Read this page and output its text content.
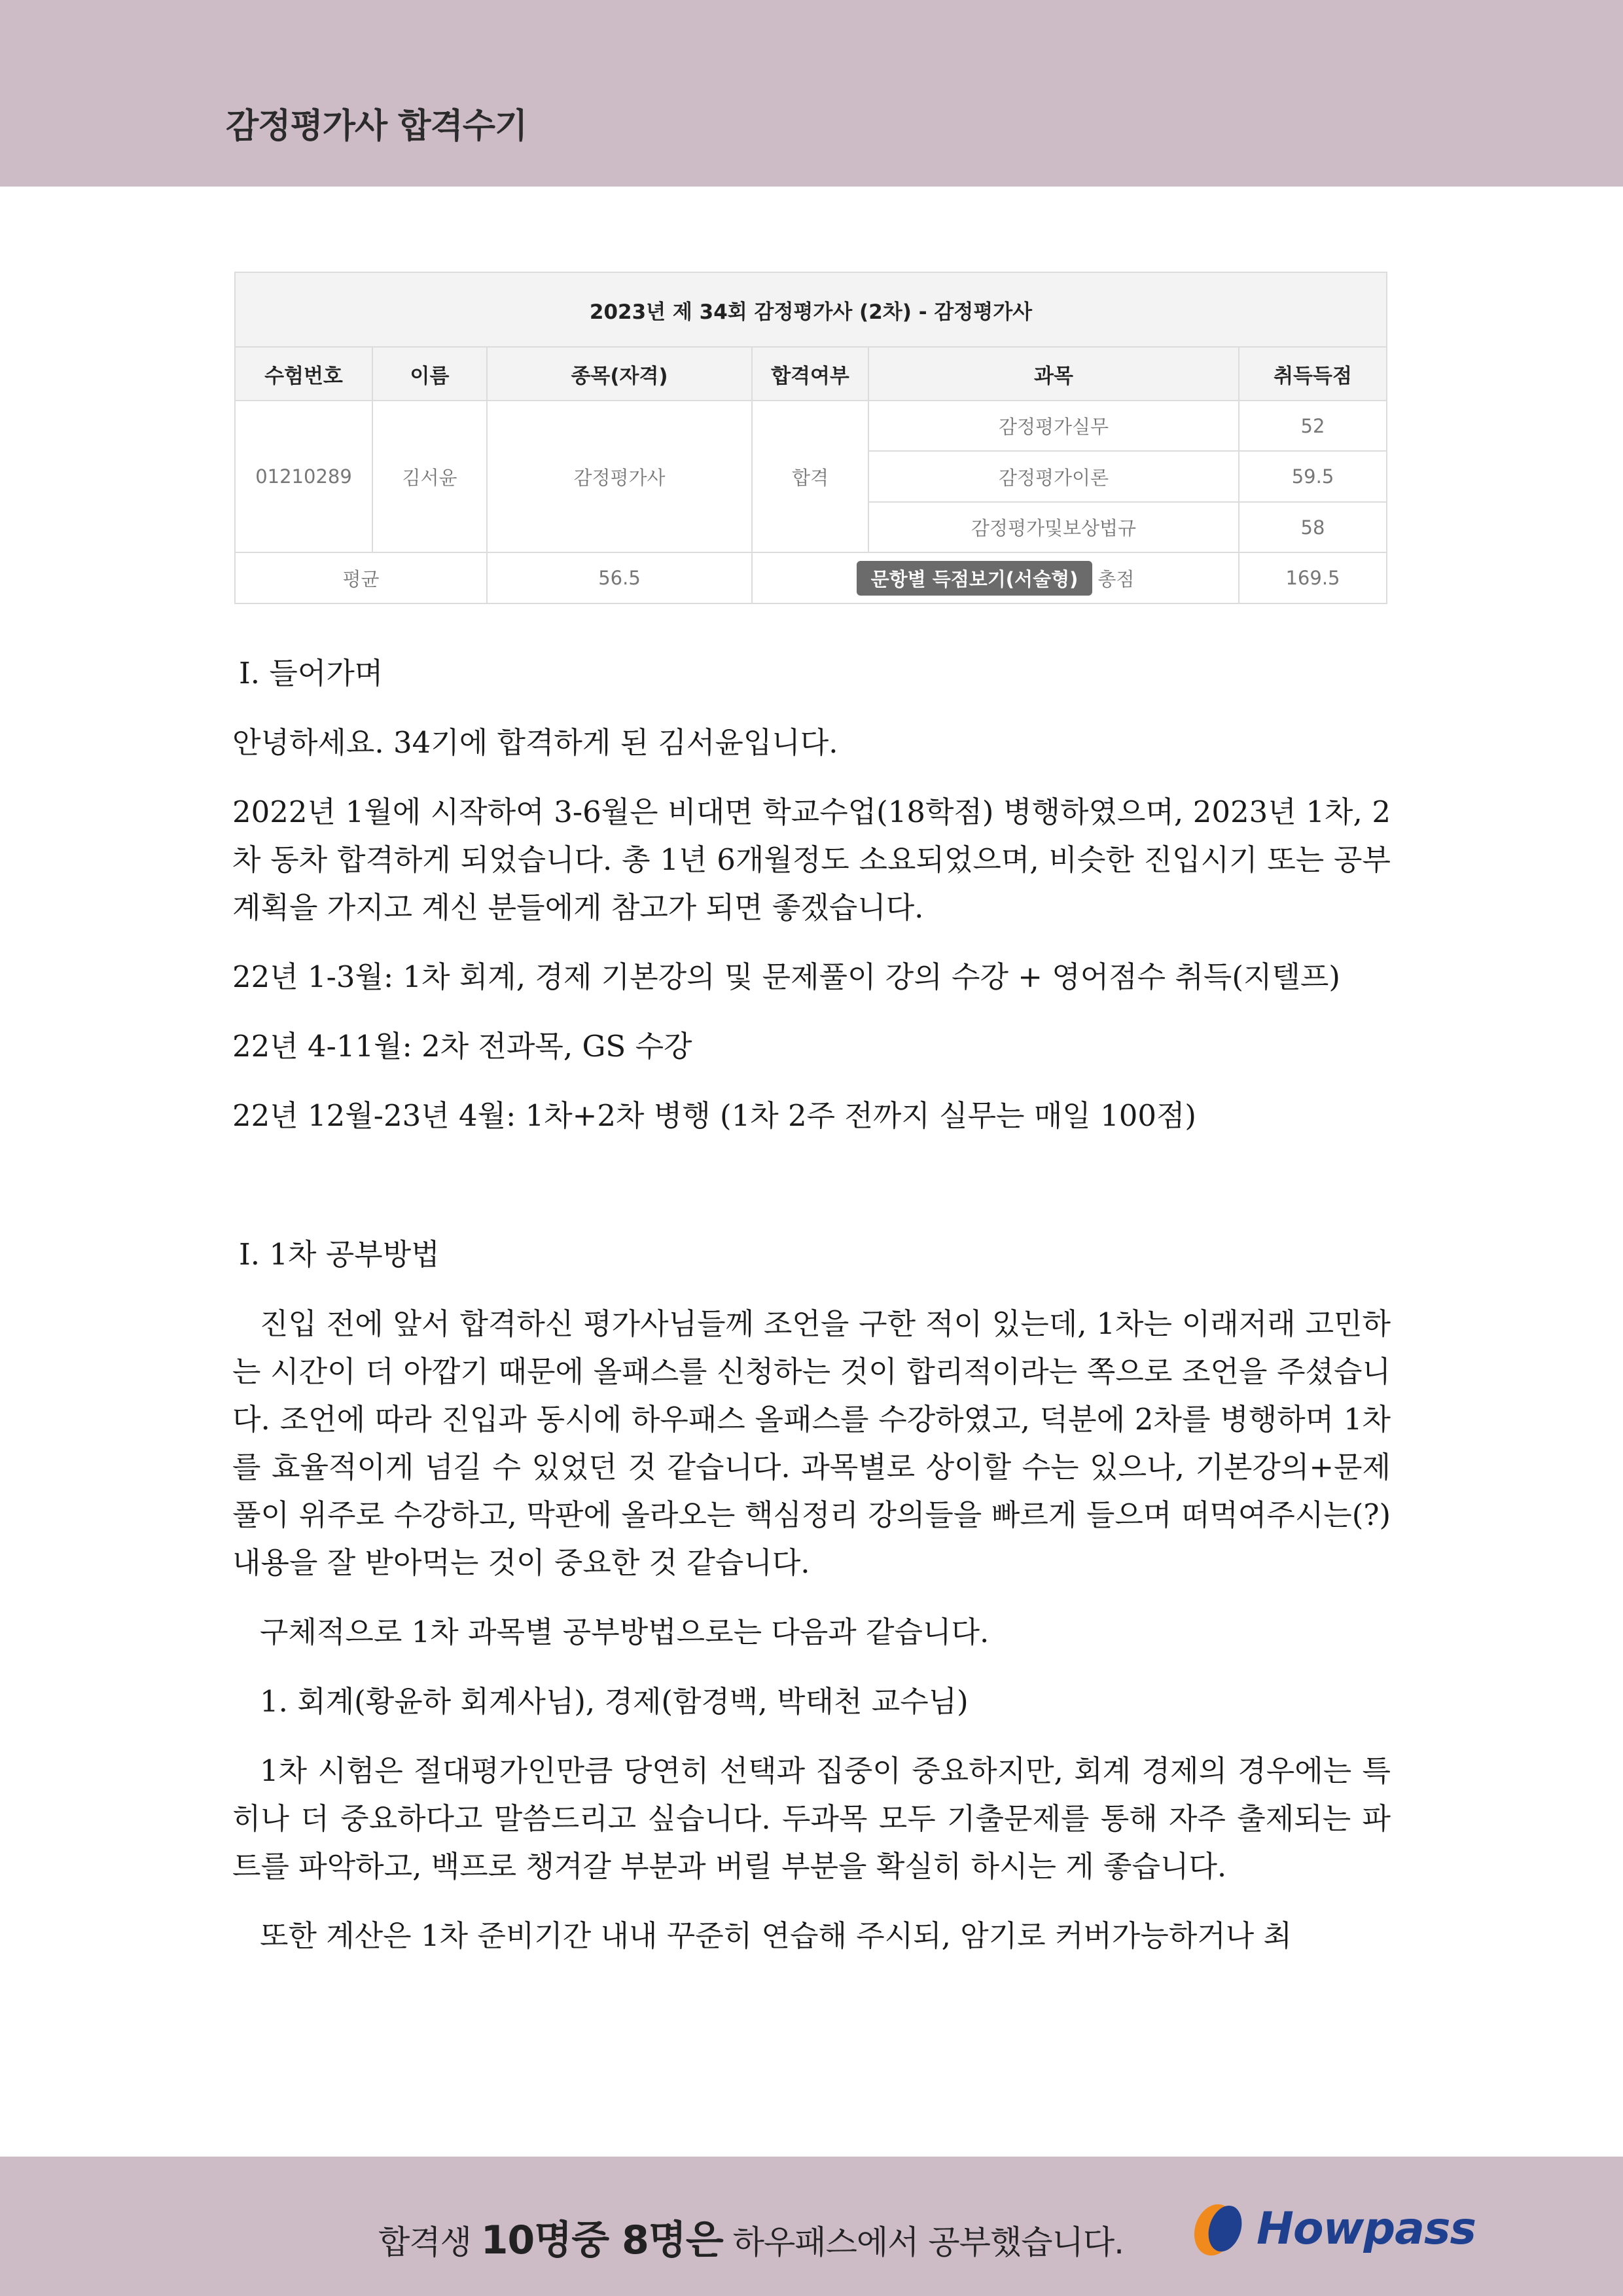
감정평가사 합격수기
2023년 제 34회 감정평가사 (2차) - 감정평가사					
수험번호	이름	종목(자격)	합격여부	과목	취득득점
01210289	김서윤	감정평가사	합격	감정평가실무	52
				감정평가이론	59.5
				감정평가및보상법규	58
평균		56.5	문항별 득점보기(서술형) 총점		169.5

Ⅰ. 들어가며

안녕하세요. 34기에 합격하게 된 김서윤입니다.

2022년 1월에 시작하여 3-6월은 비대면 학교수업(18학점) 병행하였으며, 2023년 1차, 2차 동차 합격하게 되었습니다. 총 1년 6개월정도 소요되었으며, 비슷한 진입시기 또는 공부계획을 가지고 계신 분들에게 참고가 되면 좋겠습니다.

22년 1-3월: 1차 회계, 경제 기본강의 및 문제풀이 강의 수강 + 영어점수 취득(지텔프)

22년 4-11월: 2차 전과목, GS 수강

22년 12월-23년 4월: 1차+2차 병행 (1차 2주 전까지 실무는 매일 100점)

Ⅰ. 1차 공부방법

진입 전에 앞서 합격하신 평가사님들께 조언을 구한 적이 있는데, 1차는 이래저래 고민하는 시간이 더 아깝기 때문에 올패스를 신청하는 것이 합리적이라는 쪽으로 조언을 주셨습니다. 조언에 따라 진입과 동시에 하우패스 올패스를 수강하였고, 덕분에 2차를 병행하며 1차를 효율적이게 넘길 수 있었던 것 같습니다. 과목별로 상이할 수는 있으나, 기본강의+문제풀이 위주로 수강하고, 막판에 올라오는 핵심정리 강의들을 빠르게 들으며 떠먹여주시는(?) 내용을 잘 받아먹는 것이 중요한 것 같습니다.

구체적으로 1차 과목별 공부방법으로는 다음과 같습니다.

1. 회계(황윤하 회계사님), 경제(함경백, 박태천 교수님)

1차 시험은 절대평가인만큼 당연히 선택과 집중이 중요하지만, 회계 경제의 경우에는 특히나 더 중요하다고 말씀드리고 싶습니다. 두과목 모두 기출문제를 통해 자주 출제되는 파트를 파악하고, 백프로 챙겨갈 부분과 버릴 부분을 확실히 하시는 게 좋습니다.

또한 계산은 1차 준비기간 내내 꾸준히 연습해 주시되, 암기로 커버가능하거나 최

합격생 10명중 8명은 하우패스에서 공부했습니다.	Howpass
